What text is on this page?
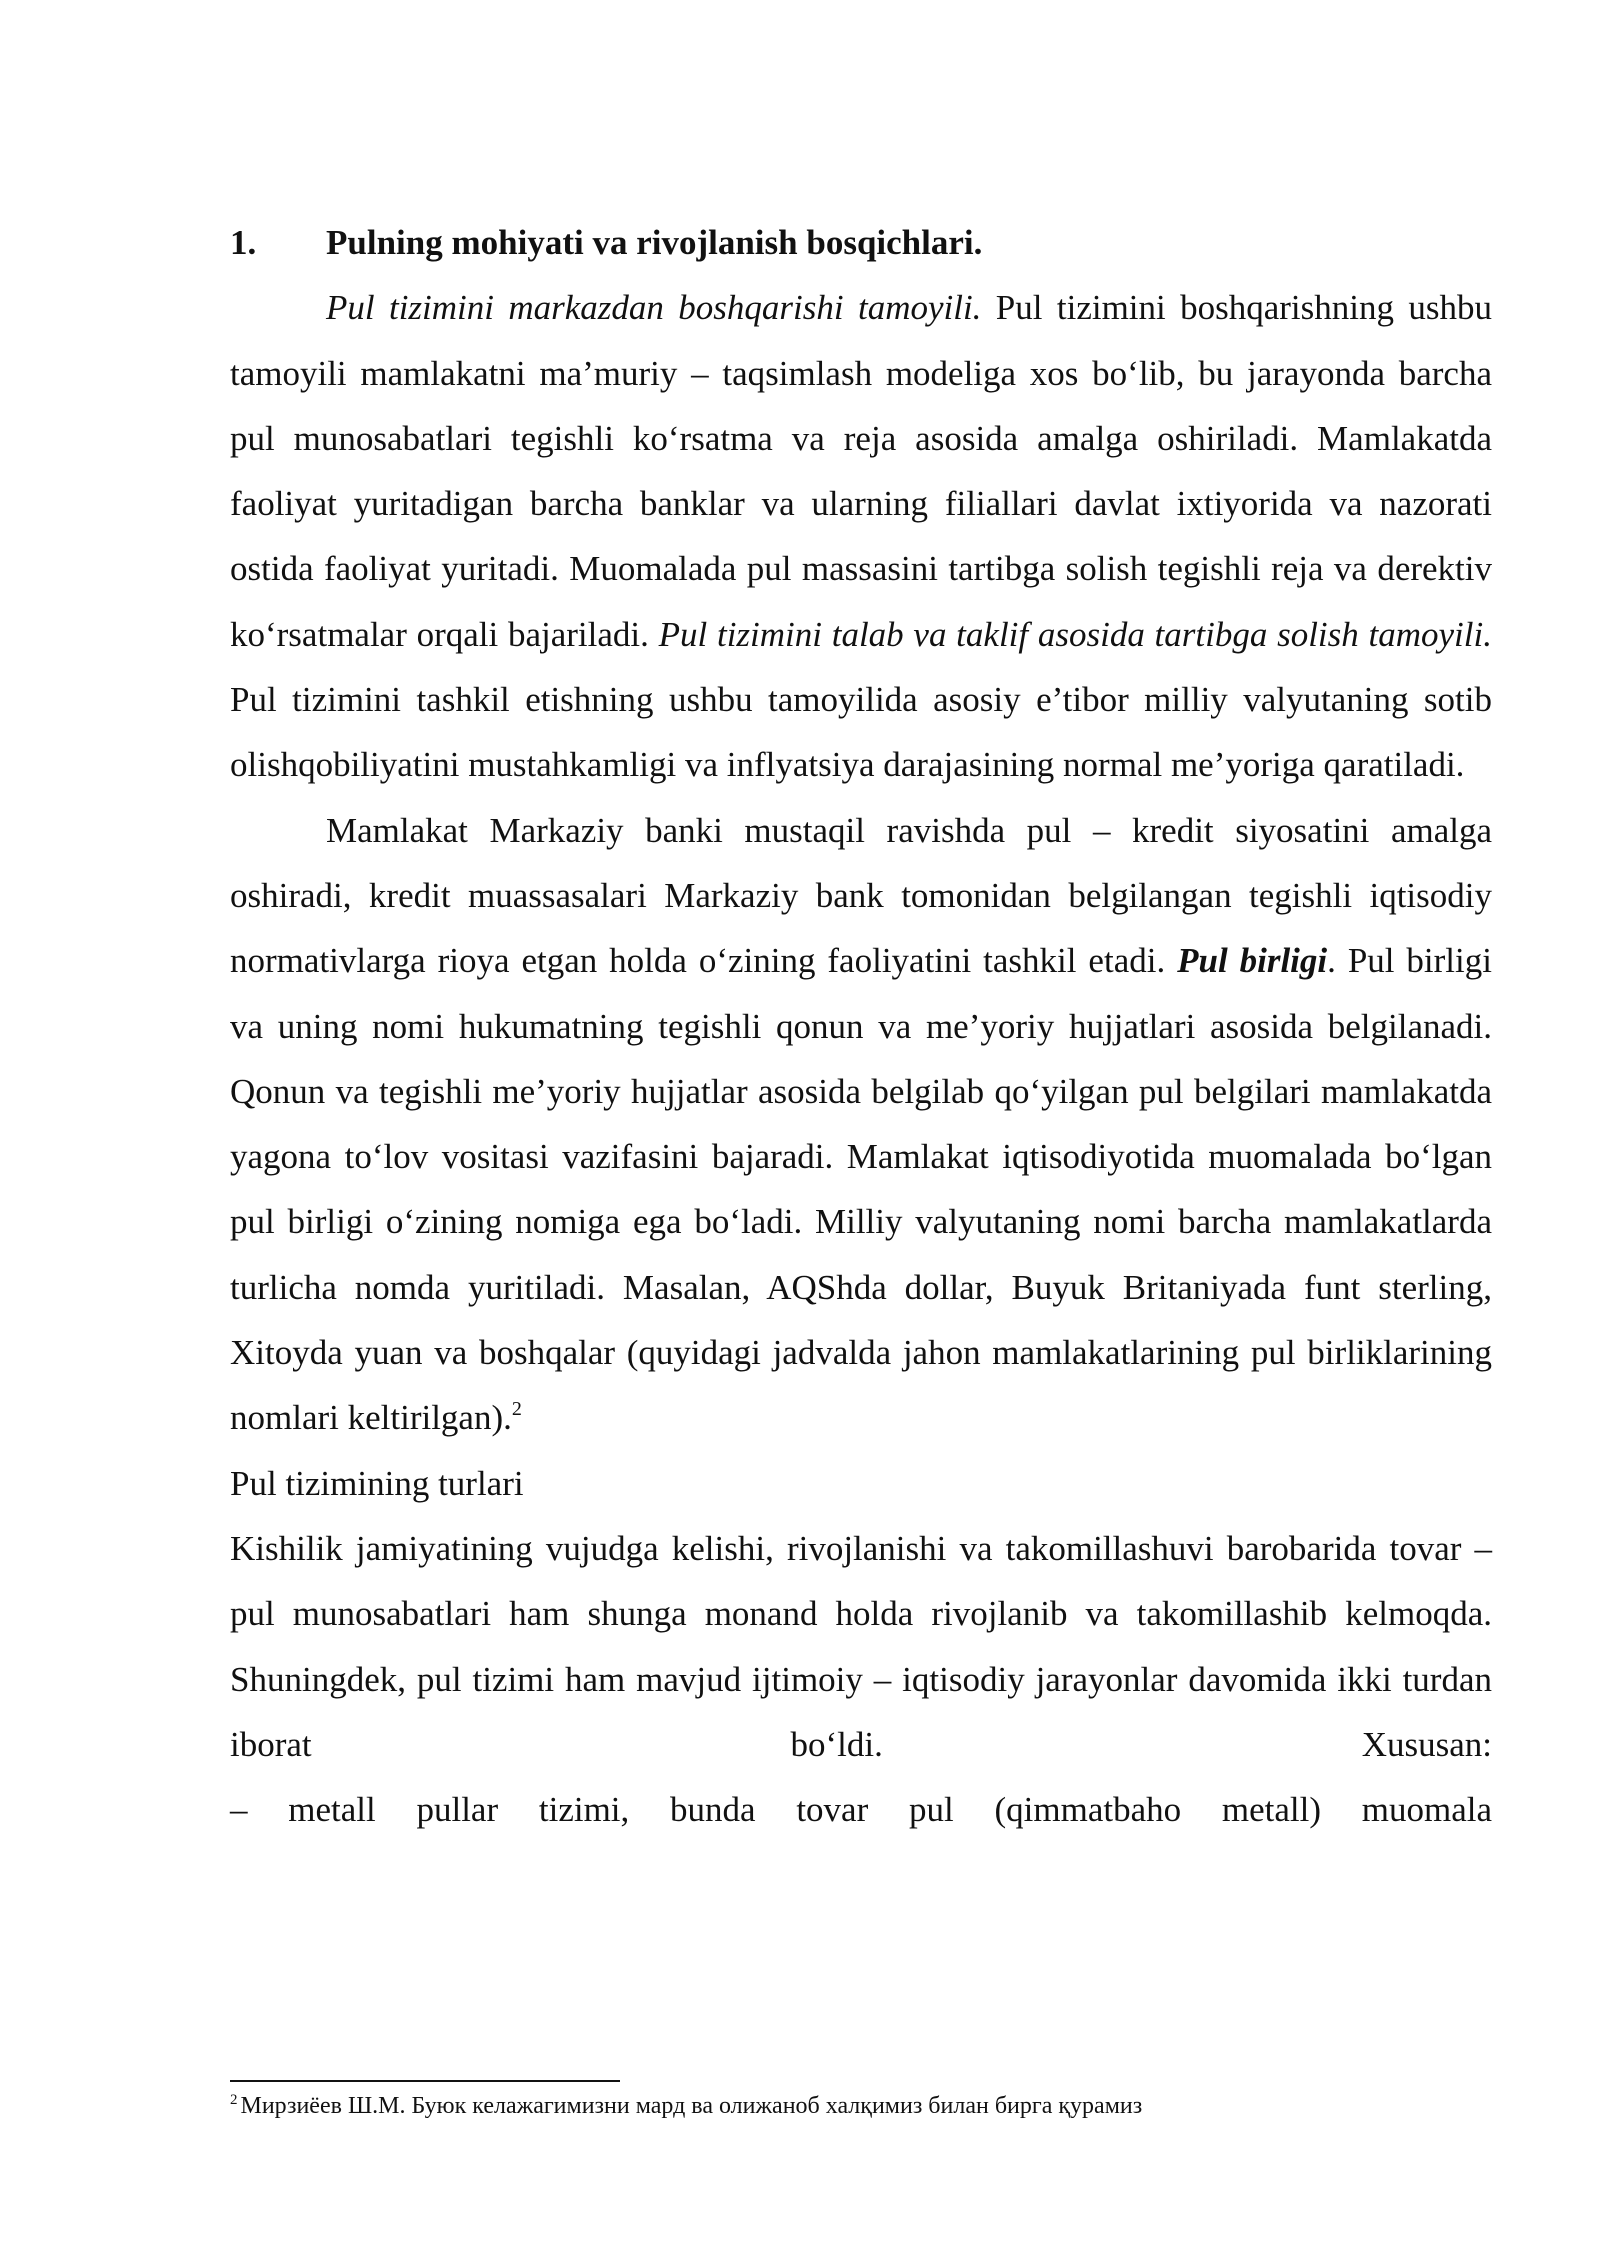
1.	Pulning mohiyati va rivojlanish bosqichlari.

Pul tizimini markazdan boshqarishi tamoyili. Pul tizimini boshqarishning ushbu tamoyili mamlakatni ma’muriy – taqsimlash modeliga xos bo‘lib, bu jarayonda barcha pul munosabatlari tegishli ko‘rsatma va reja asosida amalga oshiriladi. Mamlakatda faoliyat yuritadigan barcha banklar va ularning filiallari davlat ixtiyorida va nazorati ostida faoliyat yuritadi. Muomalada pul massasini tartibga solish tegishli reja va derektiv ko‘rsatmalar orqali bajariladi. Pul tizimini talab va taklif asosida tartibga solish tamoyili. Pul tizimini tashkil etishning ushbu tamoyilida asosiy e’tibor milliy valyutaning sotib olishqobiliyatini mustahkamligi va inflyatsiya darajasining normal me’yoriga qaratiladi.

Mamlakat Markaziy banki mustaqil ravishda pul – kredit siyosatini amalga oshiradi, kredit muassasalari Markaziy bank tomonidan belgilangan tegishli iqtisodiy normativlarga rioya etgan holda o‘zining faoliyatini tashkil etadi. Pul birligi. Pul birligi va uning nomi hukumatning tegishli qonun va me’yoriy hujjatlari asosida belgilanadi. Qonun va tegishli me’yoriy hujjatlar asosida belgilab qo‘yilgan pul belgilari mamlakatda yagona to‘lov vositasi vazifasini bajaradi. Mamlakat iqtisodiyotida muomalada bo‘lgan pul birligi o‘zining nomiga ega bo‘ladi. Milliy valyutaning nomi barcha mamlakatlarda turlicha nomda yuritiladi. Masalan, AQShda dollar, Buyuk Britaniyada funt sterling, Xitoyda yuan va boshqalar (quyidagi jadvalda jahon mamlakatlarining pul birliklarining nomlari keltirilgan).$^2$

Pul tizimining turlari

Kishilik jamiyatining vujudga kelishi, rivojlanishi va takomillashuvi barobarida tovar – pul munosabatlari ham shunga monand holda rivojlanib va takomillashib kelmoqda. Shuningdek, pul tizimi ham mavjud ijtimoiy – iqtisodiy jarayonlar davomida ikki turdan iborat bo‘ldi. Xususan:
– metall pullar tizimi, bunda tovar pul (qimmatbaho metall) muomala

$^2$ Мирзиёев Ш.М. Буюк келажагимизни мард ва олижаноб халқимиз билан бирга қурамиз
